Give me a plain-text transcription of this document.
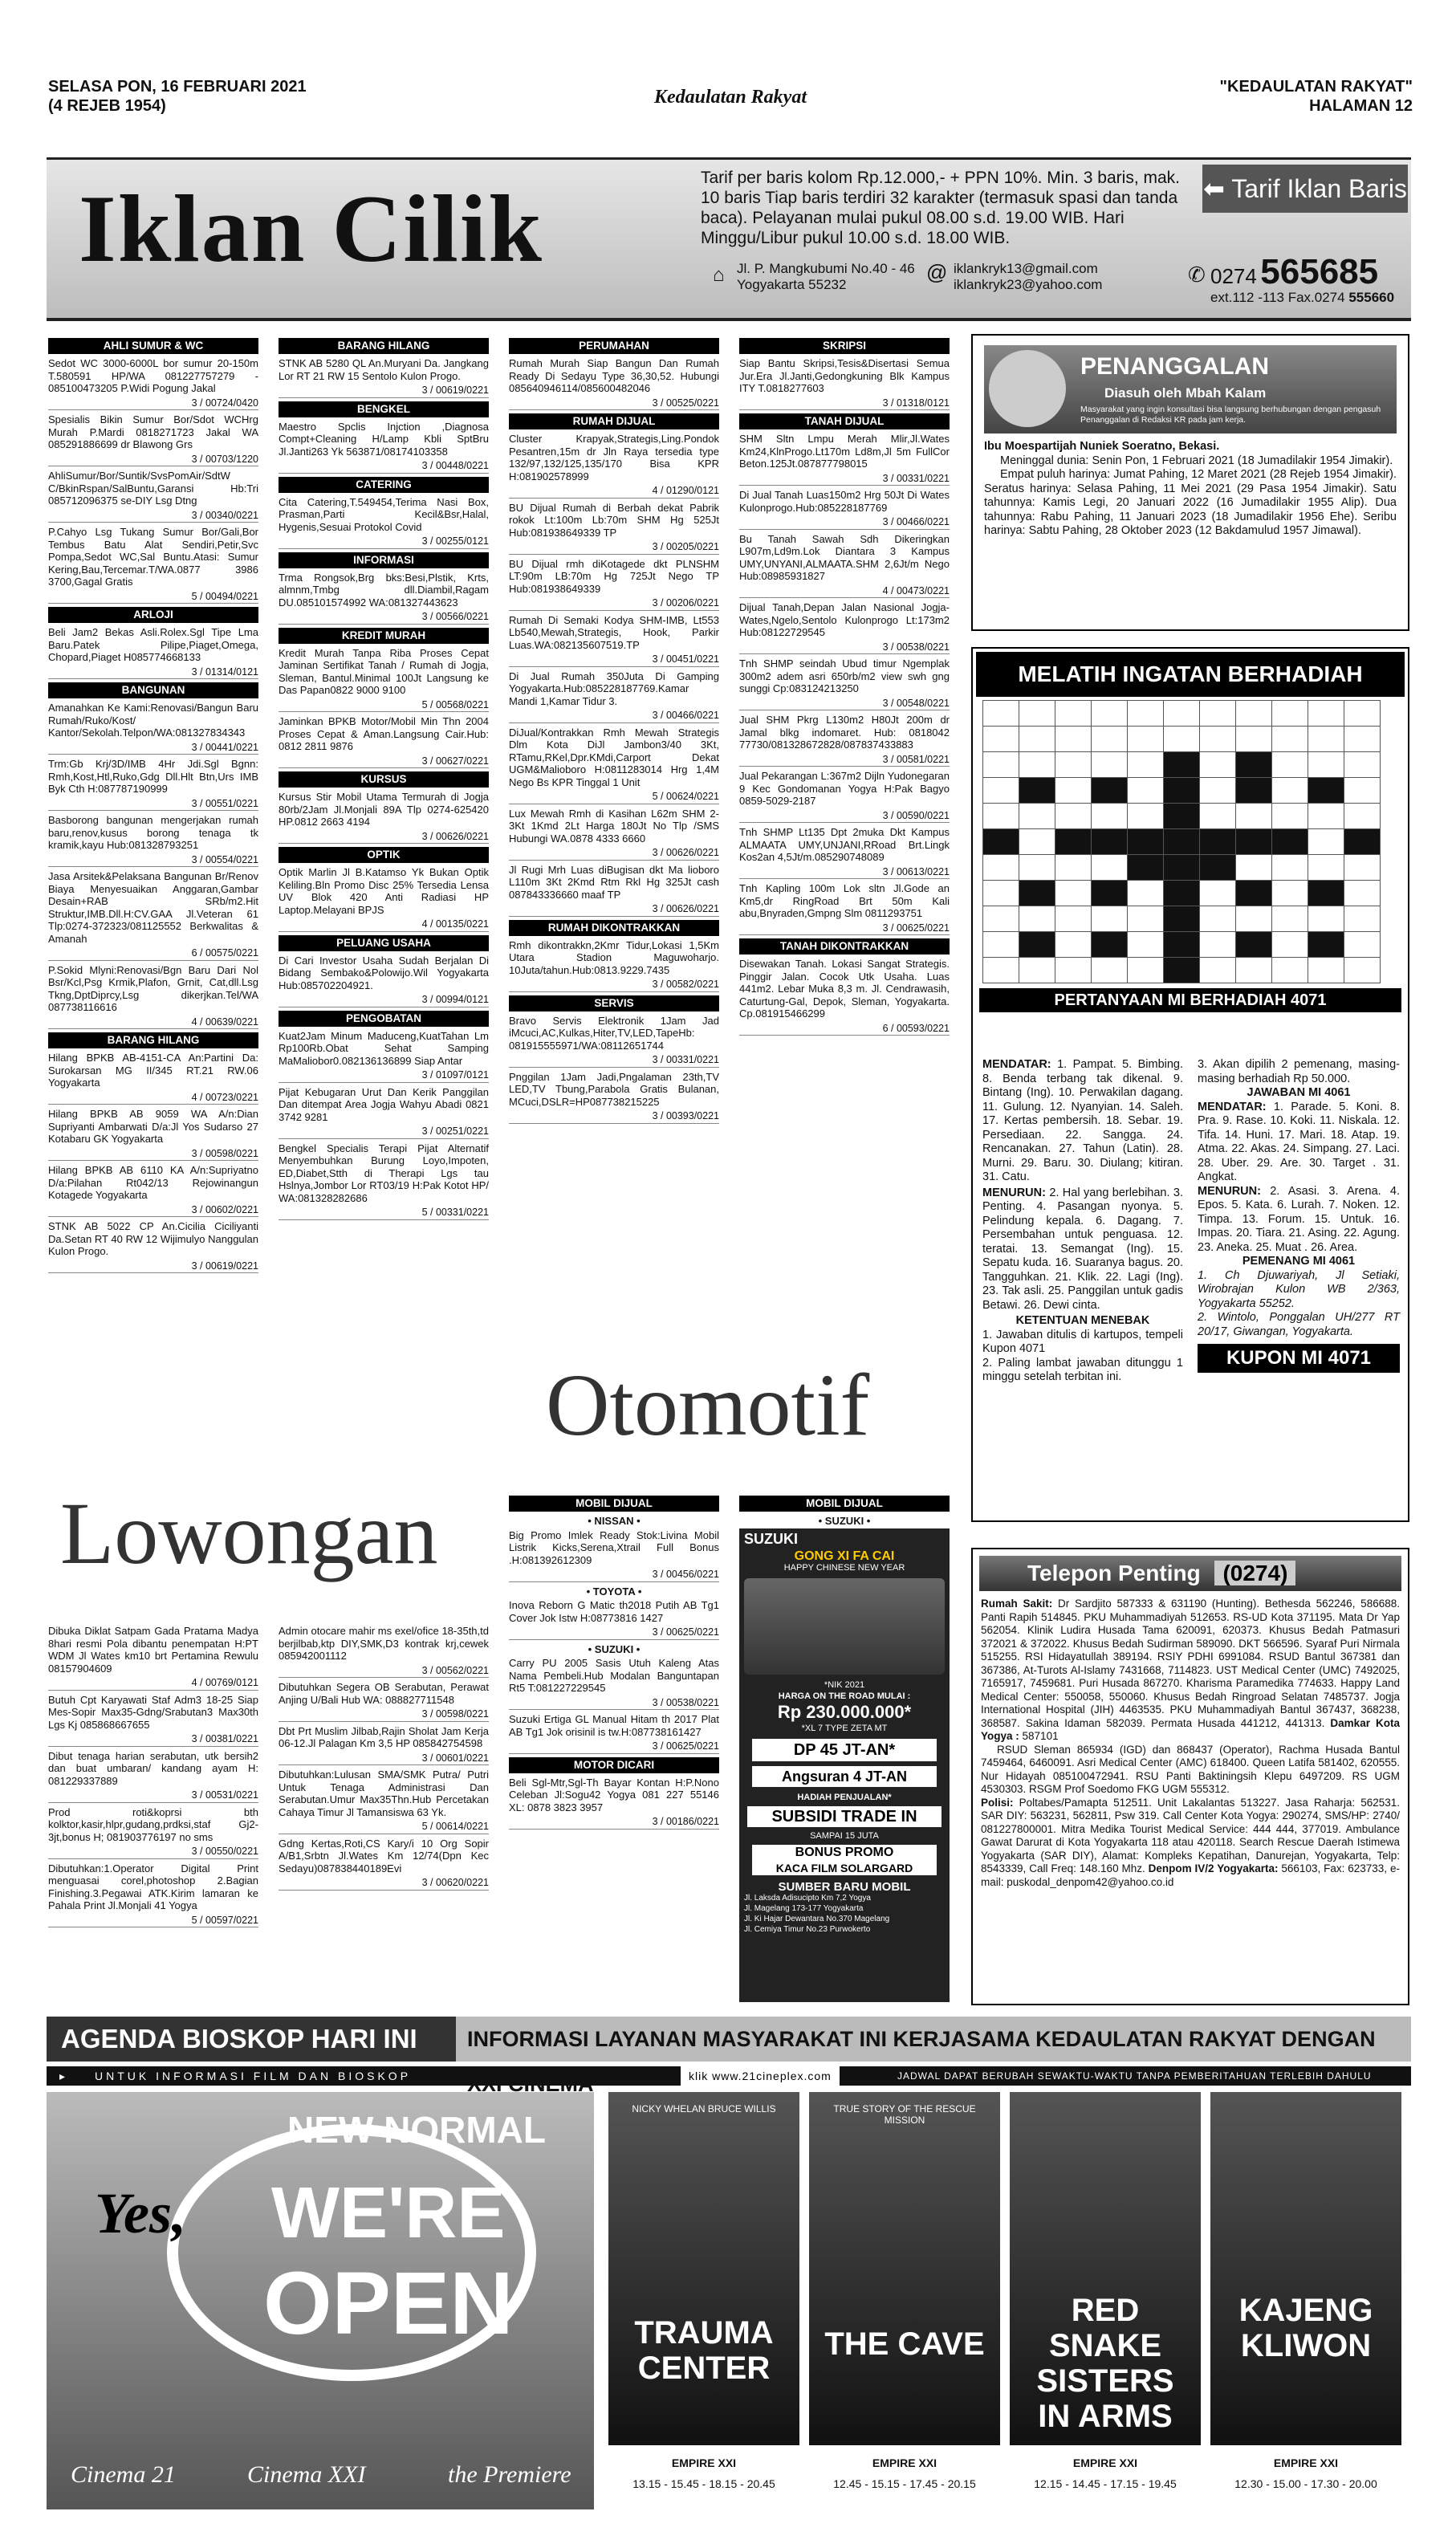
SELASA PON, 16 FEBRUARI 2021
(4 REJEB 1954)	Kedaulatan Rakyat	"KEDAULATAN RAKYAT"
HALAMAN 12
Iklan Cilik	Tarif per baris kolom Rp.12.000,- + PPN 10%. Min. 3 baris, mak. 10 baris Tiap baris terdiri 32 karakter (termasuk spasi dan tanda baca). Pelayanan mulai pukul 08.00 s.d. 19.00 WIB. Hari Minggu/Libur pukul 10.00 s.d. 18.00 WIB.
⬅ Tarif Iklan Baris
⌂ Jl. P. Mangkubumi No.40 - 46 Yogyakarta 55232
@ iklankryk13@gmail.com
iklankryk23@yahoo.com	✆ 0274 565685
ext.112 -113 Fax.0274 555660
AHLI SUMUR & WC
Sedot WC 3000-6000L bor sumur 20-150m T.580591 HP/WA 081227757279 - 085100473205 P.Widi Pogung Jakal
3 / 00724/0420
Spesialis Bikin Sumur Bor/Sdot WCHrg Murah P.Mardi 0818271723 Jakal WA 085291886699 dr Blawong Grs
3 / 00703/1220
AhliSumur/Bor/Suntik/SvsPomAir/SdtW C/BkinRspan/SalBuntu,Garansi Hb:Tri 085712096375 se-DIY Lsg Dtng
3 / 00340/0221
P.Cahyo Lsg Tukang Sumur Bor/Gali,Bor Tembus Batu Alat Sendiri,Petir,Svc Pompa,Sedot WC,Sal Buntu.Atasi: Sumur Kering,Bau,Tercemar.T/WA.0877 3986 3700,Gagal Gratis
5 / 00494/0221
ARLOJI
Beli Jam2 Bekas Asli.Rolex.Sgl Tipe Lma Baru.Patek Pilipe,Piaget,Omega, Chopard,Piaget H085774668133
3 / 01314/0121
BANGUNAN
Amanahkan Ke Kami:Renovasi/Bangun Baru Rumah/Ruko/Kost/ Kantor/Sekolah.Telpon/WA:081327834343
3 / 00441/0221
Trm:Gb Krj/3D/IMB 4Hr Jdi.Sgl Bgnn: Rmh,Kost,Htl,Ruko,Gdg Dll.Hlt Btn,Urs IMB Byk Cth H:087787190999
3 / 00551/0221
Basborong bangunan mengerjakan rumah baru,renov,kusus borong tenaga tk kramik,kayu Hub:081328793251
3 / 00554/0221
Jasa Arsitek&Pelaksana Bangunan Br/Renov Biaya Menyesuaikan Anggaran,Gambar Desain+RAB SRb/m2.Hit Struktur,IMB.Dll.H:CV.GAA Jl.Veteran 61 Tlp:0274-372323/081125552 Berkwalitas & Amanah
6 / 00575/0221
P.Sokid Mlyni:Renovasi/Bgn Baru Dari Nol Bsr/Kcl,Psg Krmik,Plafon, Grnit, Cat,dll.Lsg Tkng,DptDiprcy,Lsg dikerjkan.Tel/WA 087738116616
4 / 00639/0221
BARANG HILANG
Hilang BPKB AB-4151-CA An:Partini Da: Surokarsan MG II/345 RT.21 RW.06 Yogyakarta
4 / 00723/0221
Hilang BPKB AB 9059 WA A/n:Dian Supriyanti Ambarwati D/a:Jl Yos Sudarso 27 Kotabaru GK Yogyakarta
3 / 00598/0221
Hilang BPKB AB 6110 KA A/n:Supriyatno D/a:Pilahan Rt042/13 Rejowinangun Kotagede Yogyakarta
3 / 00602/0221
STNK AB 5022 CP An.Cicilia Ciciliyanti Da.Setan RT 40 RW 12 Wijimulyo Nanggulan Kulon Progo.
3 / 00619/0221
BARANG HILANG
STNK AB 5280 QL An.Muryani Da. Jangkang Lor RT 21 RW 15 Sentolo Kulon Progo.
3 / 00619/0221
BENGKEL
Maestro Spclis Injction ,Diagnosa Compt+Cleaning H/Lamp Kbli SptBru Jl.Janti263 Yk 563871/08174103358
3 / 00448/0221
CATERING
Cita Catering,T.549454,Terima Nasi Box, Prasman,Parti Kecil&Bsr,Halal, Hygenis,Sesuai Protokol Covid
3 / 00255/0121
INFORMASI
Trma Rongsok,Brg bks:Besi,Plstik, Krts, almnm,Tmbg dll.Diambil,Ragam DU.085101574992 WA:081327443623
3 / 00566/0221
KREDIT MURAH
Kredit Murah Tanpa Riba Proses Cepat Jaminan Sertifikat Tanah / Rumah di Jogja, Sleman, Bantul.Minimal 100Jt Langsung ke Das Papan0822 9000 9100
5 / 00568/0221
Jaminkan BPKB Motor/Mobil Min Thn 2004 Proses Cepat & Aman.Langsung Cair.Hub: 0812 2811 9876
3 / 00627/0221
KURSUS
Kursus Stir Mobil Utama Termurah di Jogja 80rb/2Jam Jl.Monjali 89A Tlp 0274-625420 HP.0812 2663 4194
3 / 00626/0221
OPTIK
Optik Marlin Jl B.Katamso Yk Bukan Optik Keliling.Bln Promo Disc 25% Tersedia Lensa UV Blok 420 Anti Radiasi HP Laptop.Melayani BPJS
4 / 00135/0221
PELUANG USAHA
Di Cari Investor Usaha Sudah Berjalan Di Bidang Sembako&Polowijo.Wil Yogyakarta Hub:085702204921.
3 / 00994/0121
PENGOBATAN
Kuat2Jam Minum Maduceng,KuatTahan Lm Rp100Rb.Obat Sehat Samping MaMaliobor0.082136136899 Siap Antar
3 / 01097/0121
Pijat Kebugaran Urut Dan Kerik Panggilan Dan ditempat Area Jogja Wahyu Abadi 0821 3742 9281
3 / 00251/0221
Bengkel Specialis Terapi Pijat Alternatif Menyembuhkan Burung Loyo,Impoten, ED,Diabet,Stth di Therapi Lgs tau Hslnya,Jombor Lor RT03/19 H:Pak Kotot HP/ WA:081328282686
5 / 00331/0221
PERUMAHAN
Rumah Murah Siap Bangun Dan Rumah Ready Di Sedayu Type 36,30,52. Hubungi 085640946114/085600482046
3 / 00525/0221
RUMAH DIJUAL
Cluster Krapyak,Strategis,Ling.Pondok Pesantren,15m dr Jln Raya tersedia type 132/97,132/125,135/170 Bisa KPR H:081902578999
4 / 01290/0121
BU Dijual Rumah di Berbah dekat Pabrik rokok Lt:100m Lb:70m SHM Hg 525Jt Hub:081938649339 TP
3 / 00205/0221
BU Dijual rmh diKotagede dkt PLNSHM LT:90m LB:70m Hg 725Jt Nego TP Hub:081938649339
3 / 00206/0221
Rumah Di Semaki Kodya SHM-IMB, Lt553 Lb540,Mewah,Strategis, Hook, Parkir Luas.WA:082135607519.TP
3 / 00451/0221
Di Jual Rumah 350Juta Di Gamping Yogyakarta.Hub:085228187769.Kamar Mandi 1,Kamar Tidur 3.
3 / 00466/0221
DiJual/Kontrakkan Rmh Mewah Strategis Dlm Kota DiJl Jambon3/40 3Kt, RTamu,RKel,Dpr.KMdi,Carport Dekat UGM&Malioboro H:0811283014 Hrg 1,4M Nego Bs KPR Tinggal 1 Unit
5 / 00624/0221
Lux Mewah Rmh di Kasihan L62m SHM 2-3Kt 1Kmd 2Lt Harga 180Jt No Tlp /SMS Hubungi WA.0878 4333 6660
3 / 00626/0221
Jl Rugi Mrh Luas diBugisan dkt Ma lioboro L110m 3Kt 2Kmd Rtm Rkl Hg 325Jt cash 087843336660 maaf TP
3 / 00626/0221
RUMAH DIKONTRAKKAN
Rmh dikontrakkn,2Kmr Tidur,Lokasi 1,5Km Utara Stadion Maguwoharjo. 10Juta/tahun.Hub:0813.9229.7435
3 / 00582/0221
SERVIS
Bravo Servis Elektronik 1Jam Jad iMcuci,AC,Kulkas,Hiter,TV,LED,TapeHb: 081915555971/WA:08112651744
3 / 00331/0221
Pnggilan 1Jam Jadi,Pngalaman 23th,TV LED,TV Tbung,Parabola Gratis Bulanan, MCuci,DSLR=HP087738215225
3 / 00393/0221
SKRIPSI
Siap Bantu Skripsi,Tesis&Disertasi Semua Jur.Era Jl.Janti,Gedongkuning Blk Kampus ITY T.0818277603
3 / 01318/0121
TANAH DIJUAL
SHM Sltn Lmpu Merah Mlir,Jl.Wates Km24,KlnProgo.Lt170m Ld8m,Jl 5m FullCor Beton.125Jt.087877798015
3 / 00331/0221
Di Jual Tanah Luas150m2 Hrg 50Jt Di Wates Kulonprogo.Hub:085228187769
3 / 00466/0221
Bu Tanah Sawah Sdh Dikeringkan L907m,Ld9m.Lok Diantara 3 Kampus UMY,UNYANI,ALMAATA.SHM 2,6Jt/m Nego Hub:08985931827
4 / 00473/0221
Dijual Tanah,Depan Jalan Nasional Jogja-Wates,Ngelo,Sentolo Kulonprogo Lt:173m2 Hub:08122729545
3 / 00538/0221
Tnh SHMP seindah Ubud timur Ngemplak 300m2 adem asri 650rb/m2 view swh gng sunggi Cp:083124213250
3 / 00548/0221
Jual SHM Pkrg L130m2 H80Jt 200m dr Jamal blkg indomaret. Hub: 0818042 77730/081328672828/087837433883
3 / 00581/0221
Jual Pekarangan L:367m2 Dijln Yudonegaran 9 Kec Gondomanan Yogya H:Pak Bagyo 0859-5029-2187
3 / 00590/0221
Tnh SHMP Lt135 Dpt 2muka Dkt Kampus ALMAATA UMY,UNJANI,RRoad Brt.Lingk Kos2an 4,5Jt/m.085290748089
3 / 00613/0221
Tnh Kapling 100m Lok sltn Jl.Gode an Km5,dr RingRoad Brt 50m Kali abu,Bnyraden,Gmpng Slm 0811293751
3 / 00625/0221
TANAH DIKONTRAKKAN
Disewakan Tanah. Lokasi Sangat Strategis. Pinggir Jalan. Cocok Utk Usaha. Luas 441m2. Lebar Muka 8,3 m. Jl. Cendrawasih, Caturtung-Gal, Depok, Sleman, Yogyakarta. Cp.081915466299
6 / 00593/0221
Otomotif
MOBIL DIJUAL
• NISSAN •
Big Promo Imlek Ready Stok:Livina Mobil Listrik Kicks,Serena,Xtrail Full Bonus .H:081392612309
3 / 00456/0221
• TOYOTA •
Inova Reborn G Matic th2018 Putih AB Tg1 Cover Jok Istw H:08773816 1427
3 / 00625/0221
• SUZUKI •
Carry PU 2005 Sasis Utuh Kaleng Atas Nama Pembeli.Hub Modalan Banguntapan Rt5 T:081227229545
3 / 00538/0221
Suzuki Ertiga GL Manual Hitam th 2017 Plat AB Tg1 Jok orisinil is tw.H:087738161427
3 / 00625/0221
MOTOR DICARI
Beli Sgl-Mtr,Sgl-Th Bayar Kontan H:P.Nono Celeban Jl:Sogu42 Yogya 081 227 55146 XL: 0878 3823 3957
3 / 00186/0221
MOBIL DIJUAL
• SUZUKI •
SUZUKI
GONG XI FA CAI
HAPPY CHINESE NEW YEAR
*NIK 2021
HARGA ON THE ROAD MULAI :
Rp 230.000.000*
*XL 7 TYPE ZETA MT
DP 45 JT-AN*
Angsuran 4 JT-AN
HADIAH PENJUALAN*
SUBSIDI TRADE IN
SAMPAI 15 JUTA
BONUS PROMO
KACA FILM SOLARGARD
SUMBER BARU MOBIL
Jl. Laksda Adisucipto Km 7,2 Yogya
Jl. Magelang 173-177 Yogyakarta
Jl. Ki Hajar Dewantara No.370 Magelang
Jl. Cemiya Timur No.23 Purwokerto
Lowongan
Dibuka Diklat Satpam Gada Pratama Madya 8hari resmi Pola dibantu penempatan H:PT WDM Jl Wates km10 brt Pertamina Rewulu 08157904609
4 / 00769/0121
Butuh Cpt Karyawati Staf Adm3 18-25 Siap Mes-Sopir Max35-Gdng/Srabutan3 Max30th Lgs Kj 085868667655
3 / 00381/0221
Dibut tenaga harian serabutan, utk bersih2 dan buat umbaran/ kandang ayam H: 081229337889
3 / 00531/0221
Prod roti&koprsi bth kolktor,kasir,hlpr,gudang,prdksi,staf Gj2-3jt,bonus H; 081903776197 no sms
3 / 00550/0221
Dibutuhkan:1.Operator Digital Print menguasai corel,photoshop 2.Bagian Finishing.3.Pegawai ATK.Kirim lamaran ke Pahala Print Jl.Monjali 41 Yogya
5 / 00597/0221
Admin otocare mahir ms exel/ofice 18-35th,td berjilbab,ktp DIY,SMK,D3 kontrak krj,cewek 085942001112
3 / 00562/0221
Dibutuhkan Segera OB Serabutan, Perawat Anjing U/Bali Hub WA: 088827711548
3 / 00598/0221
Dbt Prt Muslim Jilbab,Rajin Sholat Jam Kerja 06-12.Jl Palagan Km 3,5 HP 085842754598
3 / 00601/0221
Dibutuhkan:Lulusan SMA/SMK Putra/ Putri Untuk Tenaga Administrasi Dan Serabutan.Umur Max35Thn.Hub Percetakan Cahaya Timur Jl Tamansiswa 63 Yk.
5 / 00614/0221
Gdng Kertas,Roti,CS Kary/i 10 Org Sopir A/B1,Srbtn Jl.Wates Km 12/74(Dpn Kec Sedayu)087838440189Evi
3 / 00620/0221
PENANGGALAN
Diasuh oleh Mbah Kalam
Masyarakat yang ingin konsultasi bisa langsung berhubungan dengan pengasuh Penanggalan di Redaksi KR pada jam kerja.
Ibu Moespartijah Nuniek Soeratno, Bekasi.
Meninggal dunia: Senin Pon, 1 Februari 2021 (18 Jumadilakir 1954 Jimakir).
Empat puluh harinya: Jumat Pahing, 12 Maret 2021 (28 Rejeb 1954 Jimakir). Seratus harinya: Selasa Pahing, 11 Mei 2021 (29 Pasa 1954 Jimakir). Satu tahunnya: Kamis Legi, 20 Januari 2022 (16 Jumadilakir 1955 Alip). Dua tahunnya: Rabu Pahing, 11 Januari 2023 (18 Jumadilakir 1956 Ehe). Seribu harinya: Sabtu Pahing, 28 Oktober 2023 (12 Bakdamulud 1957 Jimawal).
MELATIH INGATAN BERHADIAH

PERTANYAAN MI BERHADIAH 4071
MENDATAR: 1. Pampat. 5. Bimbing. 8. Benda terbang tak dikenal. 9. Bintang (Ing). 10. Perwakilan dagang. 11. Gulung. 12. Nyanyian. 14. Saleh. 17. Kertas pembersih. 18. Sebar. 19. Persediaan. 22. Sangga. 24. Rencanakan. 27. Tahun (Latin). 28. Murni. 29. Baru. 30. Diulang; kitiran. 31. Catu.
MENURUN: 2. Hal yang berlebihan. 3. Penting. 4. Pasangan nyonya. 5. Pelindung kepala. 6. Dagang. 7. Persembahan untuk penguasa. 12. teratai. 13. Semangat (Ing). 15. Sepatu kuda. 16. Suaranya bagus. 20. Tangguhkan. 21. Klik. 22. Lagi (Ing). 23. Tak asli. 25. Panggilan untuk gadis Betawi. 26. Dewi cinta.
KETENTUAN MENEBAK
1. Jawaban ditulis di kartupos, tempeli Kupon 4071
2. Paling lambat jawaban ditunggu 1 minggu setelah terbitan ini.
3. Akan dipilih 2 pemenang, masing-masing berhadiah Rp 50.000.
JAWABAN MI 4061
MENDATAR: 1. Parade. 5. Koni. 8. Pra. 9. Rase. 10. Koki. 11. Niskala. 12. Tifa. 14. Huni. 17. Mari. 18. Atap. 19. Atma. 22. Akas. 24. Simpang. 27. Laci. 28. Uber. 29. Are. 30. Target . 31. Angkat.
MENURUN: 2. Asasi. 3. Arena. 4. Epos. 5. Kata. 6. Lurah. 7. Noken. 12. Timpa. 13. Forum. 15. Untuk. 16. Impas. 20. Tiara. 21. Asing. 22. Agung. 23. Aneka. 25. Muat . 26. Area.
PEMENANG MI 4061
1. Ch Djuwariyah, Jl Setiaki, Wirobrajan Kulon WB 2/363, Yogyakarta 55252.
2. Wintolo, Ponggalan UH/277 RT 20/17, Giwangan, Yogyakarta.
KUPON MI 4071
Telepon Penting (0274)
Rumah Sakit: Dr Sardjito 587333 & 631190 (Hunting). Bethesda 562246, 586688. Panti Rapih 514845. PKU Muhammadiyah 512653. RS-UD Kota 371195. Mata Dr Yap 562054. Klinik Ludira Husada Tama 620091, 620373. Khusus Bedah Patmasuri 372021 & 372022. Khusus Bedah Sudirman 589090. DKT 566596. Syaraf Puri Nirmala 515255. RSI Hidayatullah 389194. RSIY PDHI 6991084. RSUD Bantul 367381 dan 367386, At-Turots Al-Islamy 7431668, 7114823. UST Medical Center (UMC) 7492025, 7165917, 7459681. Puri Husada 867270. Kharisma Paramedika 774633. Happy Land Medical Center: 550058, 550060. Khusus Bedah Ringroad Selatan 7485737. Jogja International Hospital (JIH) 4463535. PKU Muhammadiyah Bantul 367437, 368238, 368587. Sakina Idaman 582039. Permata Husada 441212, 441313. Damkar Kota Yogya : 587101
RSUD Sleman 865934 (IGD) dan 868437 (Operator), Rachma Husada Bantul 7459464, 6460091. Asri Medical Center (AMC) 618400. Queen Latifa 581402, 620555. Nur Hidayah 085100472941. RSU Panti Baktiningsih Klepu 6497209. RS UGM 4530303. RSGM Prof Soedomo FKG UGM 555312.
Polisi: Poltabes/Pamapta 512511. Unit Lakalantas 513227. Jasa Raharja: 562531. SAR DIY: 563231, 562811, Psw 319. Call Center Kota Yogya: 290274, SMS/HP: 2740/ 081227800001. Mitra Medika Tourist Medical Service: 444 444, 377019. Ambulance Gawat Darurat di Kota Yogyakarta 118 atau 420118. Search Rescue Daerah Istimewa Yogyakarta (SAR DIY), Alamat: Kompleks Kepatihan, Danurejan, Yogyakarta, Telp: 8543339, Call Freq: 148.160 Mhz. Denpom IV/2 Yogyakarta: 566103, Fax: 623733, e-mail: puskodal_denpom42@yahoo.co.id
AGENDA BIOSKOP HARI INI	INFORMASI LAYANAN MASYARAKAT INI KERJASAMA KEDAULATAN RAKYAT DENGAN
▸ UNTUK INFORMASI FILM DAN BIOSKOP	klik www.21cineplex.com	JADWAL DAPAT BERUBAH SEWAKTU-WAKTU TANPA PEMBERITAHUAN TERLEBIH DAHULU
NEW NORMAL
Yes, WE'RE
OPEN
Cinema 21	Cinema XXI	the Premiere
NICKY WHELAN BRUCE WILLIS
TRAUMA CENTER
EMPIRE XXI
13.15 - 15.45 - 18.15 - 20.45
TRUE STORY OF THE RESCUE MISSION
THE CAVE
EMPIRE XXI
12.45 - 15.15 - 17.45 - 20.15
RED SNAKE SISTERS IN ARMS
EMPIRE XXI
12.15 - 14.45 - 17.15 - 19.45
KAJENG KLIWON
EMPIRE XXI
12.30 - 15.00 - 17.30 - 20.00
